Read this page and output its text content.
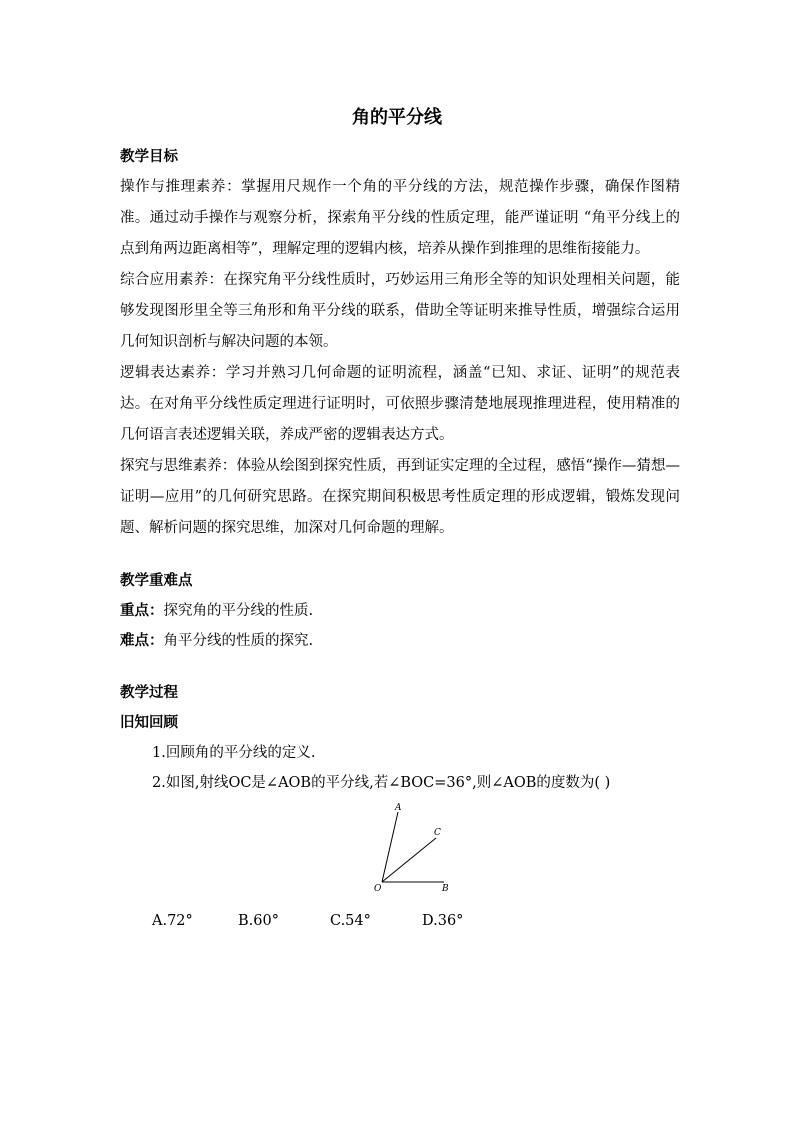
角的平分线

教学目标

操作与推理素养：掌握用尺规作一个角的平分线的方法，规范操作步骤，确保作图精准。通过动手操作与观察分析，探索角平分线的性质定理，能严谨证明 “角平分线上的点到角两边距离相等”，理解定理的逻辑内核，培养从操作到推理的思维衔接能力。

综合应用素养：在探究角平分线性质时，巧妙运用三角形全等的知识处理相关问题，能够发现图形里全等三角形和角平分线的联系，借助全等证明来推导性质，增强综合运用几何知识剖析与解决问题的本领。

逻辑表达素养：学习并熟习几何命题的证明流程，涵盖“已知、求证、证明”的规范表达。在对角平分线性质定理进行证明时，可依照步骤清楚地展现推理进程，使用精准的几何语言表述逻辑关联，养成严密的逻辑表达方式。

探究与思维素养：体验从绘图到探究性质，再到证实定理的全过程，感悟“操作—猜想—证明—应用”的几何研究思路。在探究期间积极思考性质定理的形成逻辑，锻炼发现问题、解析问题的探究思维，加深对几何命题的理解。

教学重难点

重点：探究角的平分线的性质.

难点：角平分线的性质的探究.

教学过程

旧知回顾

1.回顾角的平分线的定义.

2.如图,射线OC是∠AOB的平分线,若∠BOC=36°,则∠AOB的度数为( )

A
C
O	B
A.72°	B.60°	C.54°	D.36°
